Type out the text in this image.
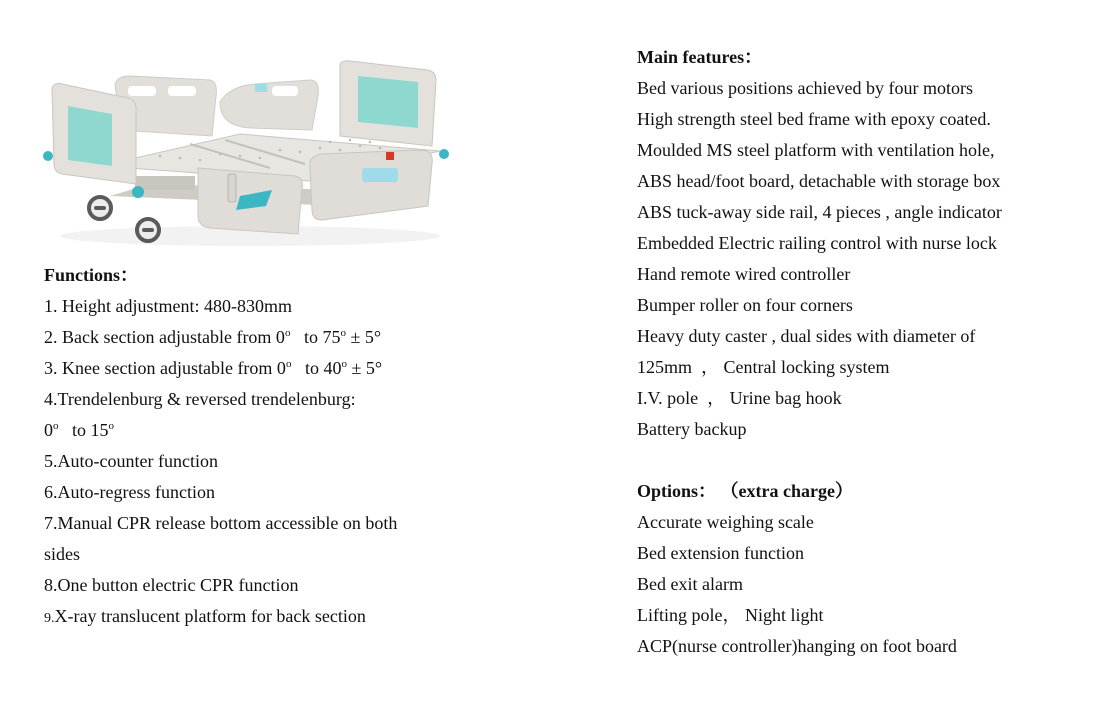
Functions：
1. Height adjustment: 480-830mm
2. Back section adjustable from 0$^o$   to $75^o \pm 5^\circ$
3. Knee section adjustable from 0$^o$   to $40^o \pm 5^\circ$
4.Trendelenburg & reversed trendelenburg:
0$^o$   to 15$^o$
5.Auto-counter function
6.Auto-regress function
7.Manual CPR release bottom accessible on both
sides
8.One button electric CPR function
9.X-ray translucent platform for back section
Main features：
Bed various positions achieved by four motors
High strength steel bed frame with epoxy coated.
Moulded MS steel platform with ventilation hole,
ABS head/foot board, detachable with storage box
ABS tuck-away side rail, 4 pieces , angle indicator
Embedded Electric railing control with nurse lock
Hand remote wired controller
Bumper roller on four corners
Heavy duty caster , dual sides with diameter of
125mm  ， Central locking system
I.V. pole  ， Urine bag hook
Battery backup
Options： （extra charge）
Accurate weighing scale
Bed extension function
Bed exit alarm
Lifting pole， Night light
ACP(nurse controller)hanging on foot board
